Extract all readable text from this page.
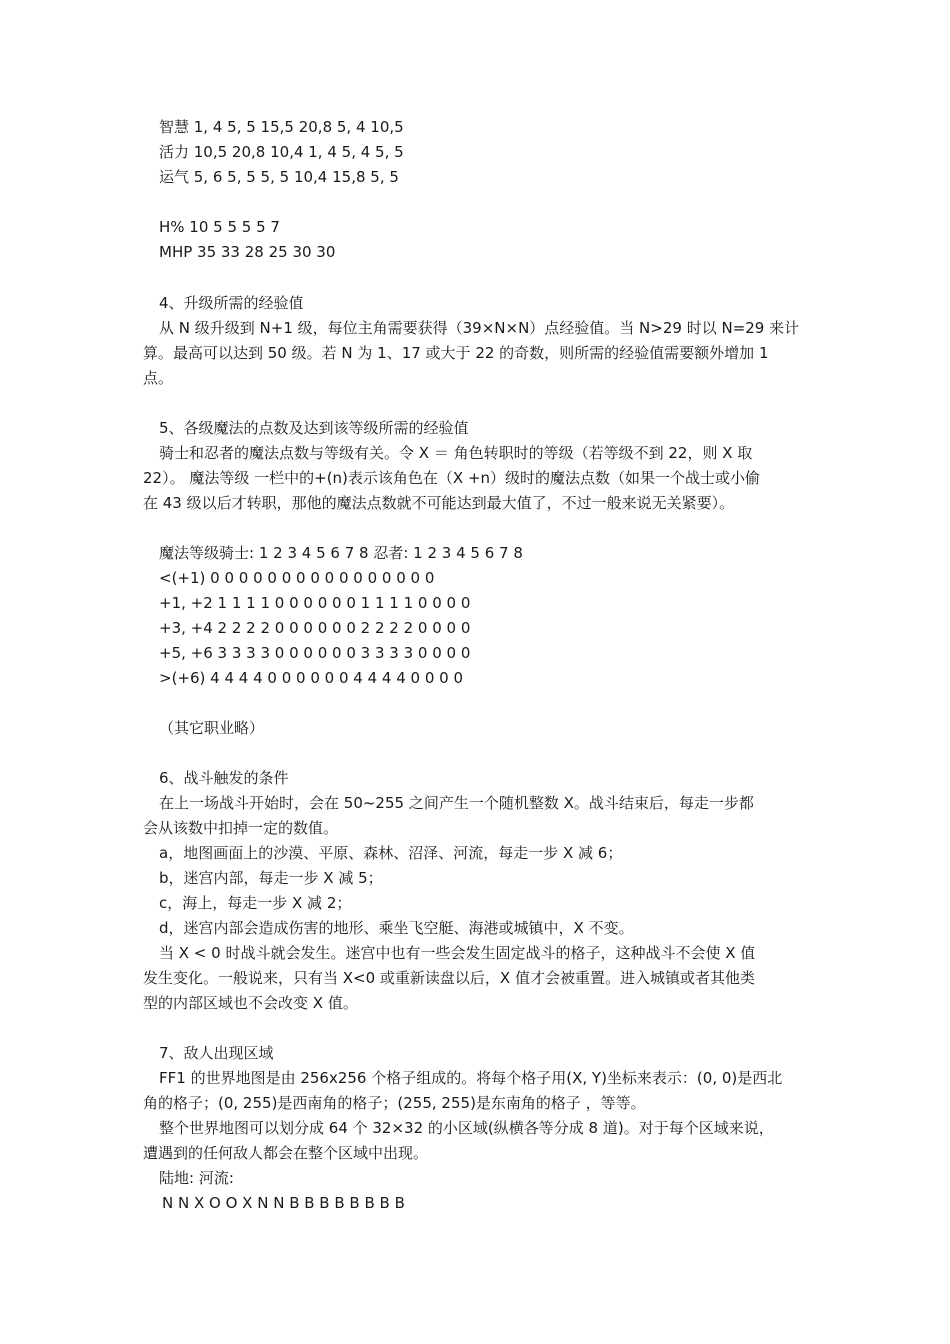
智慧 1, 4 5, 5 15,5 20,8 5, 4 10,5
活力 10,5 20,8 10,4 1, 4 5, 4 5, 5
运气 5, 6 5, 5 5, 5 10,4 15,8 5, 5
H% 10 5 5 5 5 7
MHP 35 33 28 25 30 30
4、升级所需的经验值
从 N 级升级到 N+1 级，每位主角需要获得（39×N×N）点经验值。当 N>29 时以 N=29 来计
算。最高可以达到 50 级。若 N 为 1、17 或大于 22 的奇数，则所需的经验值需要额外增加 1
点。
5、各级魔法的点数及达到该等级所需的经验值
骑士和忍者的魔法点数与等级有关。令 X ＝ 角色转职时的等级（若等级不到 22，则 X 取
22）。 魔法等级 一栏中的+(n)表示该角色在（X +n）级时的魔法点数（如果一个战士或小偷
在 43 级以后才转职，那他的魔法点数就不可能达到最大值了，不过一般来说无关紧要）。
魔法等级骑士: 1 2 3 4 5 6 7 8 忍者: 1 2 3 4 5 6 7 8
<(+1) 0 0 0 0 0 0 0 0 0 0 0 0 0 0 0 0
+1, +2 1 1 1 1 0 0 0 0 0 0 1 1 1 1 0 0 0 0
+3, +4 2 2 2 2 0 0 0 0 0 0 2 2 2 2 0 0 0 0
+5, +6 3 3 3 3 0 0 0 0 0 0 3 3 3 3 0 0 0 0
>(+6) 4 4 4 4 0 0 0 0 0 0 4 4 4 4 0 0 0 0
（其它职业略）
6、战斗触发的条件
在上一场战斗开始时，会在 50~255 之间产生一个随机整数 X。战斗结束后，每走一步都
会从该数中扣掉一定的数值。
a，地图画面上的沙漠、平原、森林、沼泽、河流，每走一步 X 减 6；
b，迷宫内部，每走一步 X 减 5；
c，海上，每走一步 X 减 2；
d，迷宫内部会造成伤害的地形、乘坐飞空艇、海港或城镇中，X 不变。
当 X < 0 时战斗就会发生。迷宫中也有一些会发生固定战斗的格子，这种战斗不会使 X 值
发生变化。一般说来，只有当 X<0 或重新读盘以后，X 值才会被重置。进入城镇或者其他类
型的内部区域也不会改变 X 值。
7、敌人出现区域
FF1 的世界地图是由 256x256 个格子组成的。将每个格子用(X, Y)坐标来表示：(0, 0)是西北
角的格子；(0, 255)是西南角的格子；(255, 255)是东南角的格子 ，等等。
整个世界地图可以划分成 64 个 32×32 的小区域(纵横各等分成 8 道)。对于每个区域来说，
遭遇到的任何敌人都会在整个区域中出现。
陆地: 河流:
N N X O O X N N B B B B B B B B
